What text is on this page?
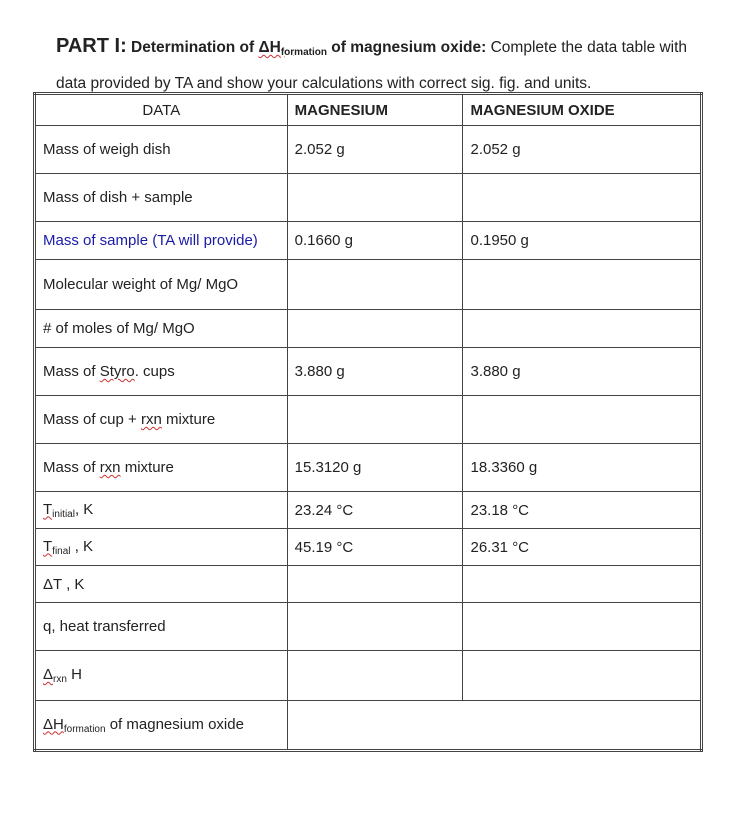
PART I: Determination of $\Delta H_{formation}$ of magnesium oxide: Complete the data table with data provided by TA and show your calculations with correct sig. fig. and units.
DATA	MAGNESIUM	MAGNESIUM OXIDE
Mass of weigh dish	2.052 g	2.052 g
Mass of dish + sample		
Mass of sample (TA will provide)	0.1660 g	0.1950 g
Molecular weight of Mg/ MgO		
# of moles of Mg/ MgO		
Mass of Styro. cups	3.880 g	3.880 g
Mass of cup + rxn mixture		
Mass of rxn mixture	15.3120 g	18.3360 g
$T_{initial}$, K	23.24 °C	23.18 °C
$T_{final}$ , K	45.19 °C	26.31 °C
ΔT , K		
q, heat transferred		
$\Delta_{rxn}$ H		
$\Delta H_{formation}$ of magnesium oxide		
